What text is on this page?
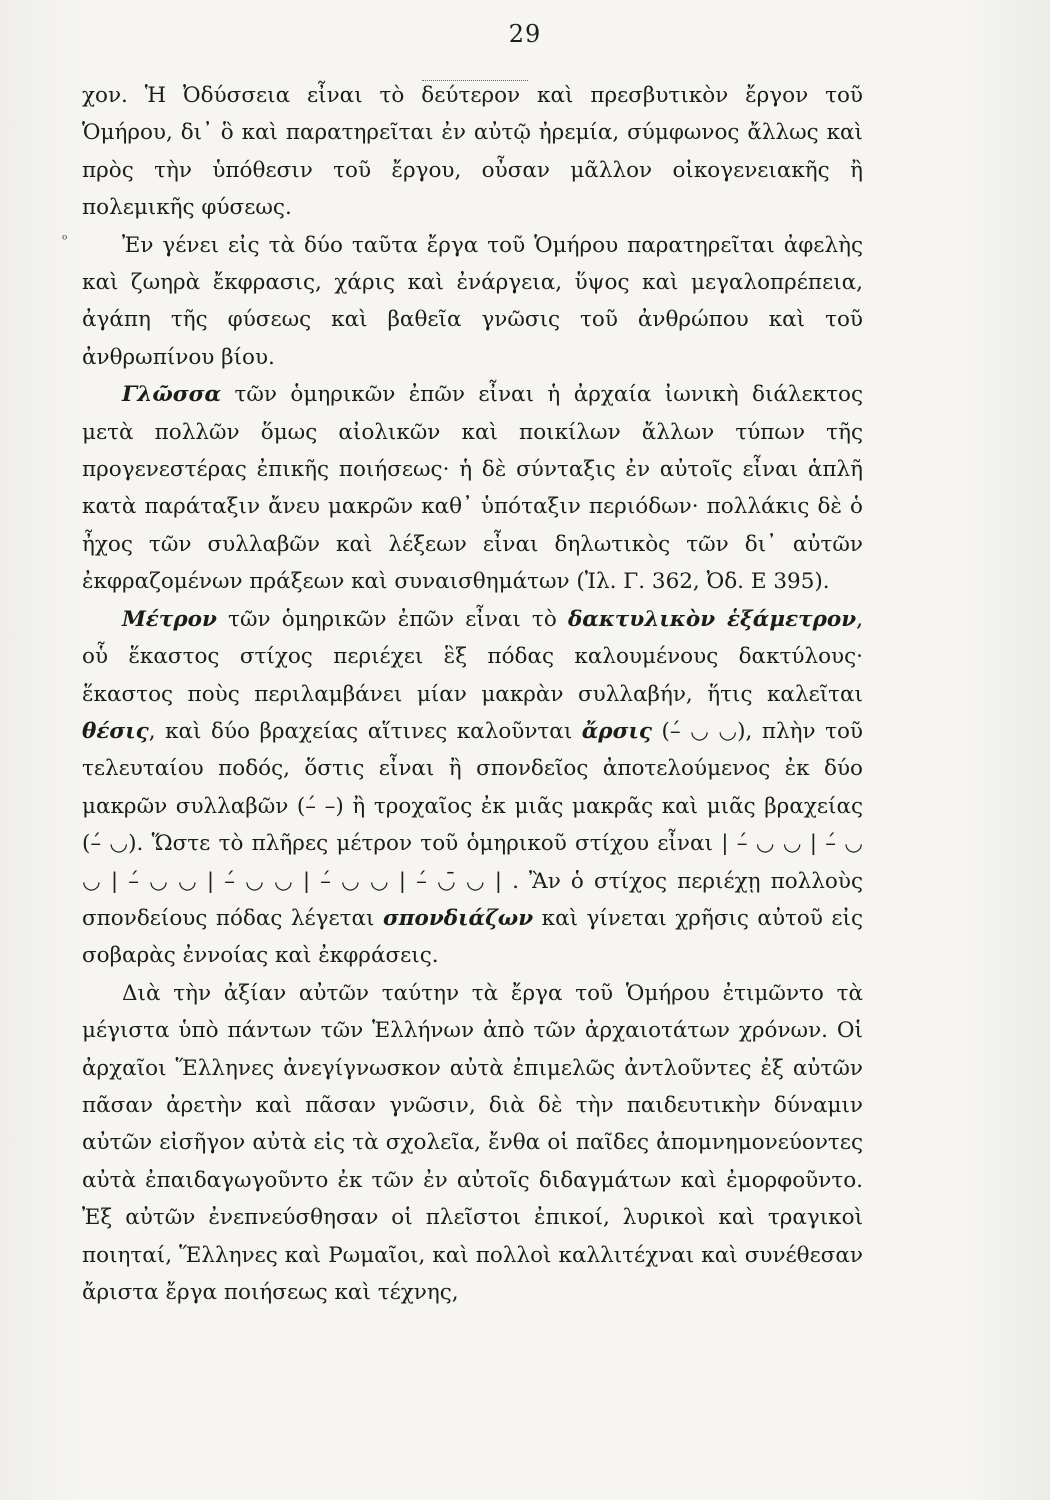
29
ᵒ

χον. Ἡ Ὀδύσσεια εἶναι τὸ δεύτερον καὶ πρεσβυτικὸν ἔργον τοῦ Ὁμήρου, δι᾿ ὃ καὶ παρατηρεῖται ἐν αὐτῷ ἠρεμία, σύμφωνος ἄλλως καὶ πρὸς τὴν ὑπόθεσιν τοῦ ἔργου, οὖσαν μᾶλλον οἰκογενειακῆς ἢ πολεμικῆς φύσεως.

Ἐν γένει εἰς τὰ δύο ταῦτα ἔργα τοῦ Ὁμήρου παρατηρεῖται ἀφελὴς καὶ ζωηρὰ ἔκφρασις, χάρις καὶ ἐνάργεια, ὕψος καὶ μεγαλοπρέπεια, ἀγάπη τῆς φύσεως καὶ βαθεῖα γνῶσις τοῦ ἀνθρώπου καὶ τοῦ ἀνθρωπίνου βίου.

Γλῶσσα τῶν ὁμηρικῶν ἐπῶν εἶναι ἡ ἀρχαία ἰωνικὴ διάλεκτος μετὰ πολλῶν ὅμως αἰολικῶν καὶ ποικίλων ἄλλων τύπων τῆς προγενεστέρας ἐπικῆς ποιήσεως· ἡ δὲ σύνταξις ἐν αὐτοῖς εἶναι ἁπλῆ κατὰ παράταξιν ἄνευ μακρῶν καθ᾿ ὑπόταξιν περιόδων· πολλάκις δὲ ὁ ἦχος τῶν συλλαβῶν καὶ λέξεων εἶναι δηλωτικὸς τῶν δι᾿ αὐτῶν ἐκφραζομένων πράξεων καὶ συναισθημάτων (Ἰλ. Γ. 362, Ὀδ. Ε 395).

Μέτρον τῶν ὁμηρικῶν ἐπῶν εἶναι τὸ δακτυλικὸν ἑξάμετρον, οὗ ἕκαστος στίχος περιέχει ἓξ πόδας καλουμένους δακτύλους· ἕκαστος ποὺς περιλαμβάνει μίαν μακρὰν συλλαβήν, ἥτις καλεῖται θέσις, καὶ δύο βραχείας αἵτινες καλοῦνται ἄρσις (–́ ◡ ◡), πλὴν τοῦ τελευταίου ποδός, ὅστις εἶναι ἢ σπονδεῖος ἀποτελούμενος ἐκ δύο μακρῶν συλλαβῶν (–́ –) ἢ τροχαῖος ἐκ μιᾶς μακρᾶς καὶ μιᾶς βραχείας (–́ ◡). Ὥστε τὸ πλῆρες μέτρον τοῦ ὁμηρικοῦ στίχου εἶναι | –́ ◡ ◡ | –́ ◡ ◡ | –́ ◡ ◡ | –́ ◡ ◡ | –́ ◡ ◡ | –́ ◡̄ ◡ | . Ἂν ὁ στίχος περιέχῃ πολλοὺς σπονδείους πόδας λέγεται σπονδιάζων καὶ γίνεται χρῆσις αὐτοῦ εἰς σοβαρὰς ἐννοίας καὶ ἐκφράσεις.

Διὰ τὴν ἀξίαν αὐτῶν ταύτην τὰ ἔργα τοῦ Ὁμήρου ἐτιμῶντο τὰ μέγιστα ὑπὸ πάντων τῶν Ἑλλήνων ἀπὸ τῶν ἀρχαιοτάτων χρόνων. Οἱ ἀρχαῖοι Ἕλληνες ἀνεγίγνωσκον αὐτὰ ἐπιμελῶς ἀντλοῦντες ἐξ αὐτῶν πᾶσαν ἀρετὴν καὶ πᾶσαν γνῶσιν, διὰ δὲ τὴν παιδευτικὴν δύναμιν αὐτῶν εἰσῆγον αὐτὰ εἰς τὰ σχολεῖα, ἔνθα οἱ παῖδες ἀπομνημονεύοντες αὐτὰ ἐπαιδαγωγοῦντο ἐκ τῶν ἐν αὐτοῖς διδαγμάτων καὶ ἐμορφοῦντο. Ἐξ αὐτῶν ἐνεπνεύσθησαν οἱ πλεῖστοι ἐπικοί, λυρικοὶ καὶ τραγικοὶ ποιηταί, Ἕλληνες καὶ Ρωμαῖοι, καὶ πολλοὶ καλλιτέχναι καὶ συνέθεσαν ἄριστα ἔργα ποιήσεως καὶ τέχνης,
